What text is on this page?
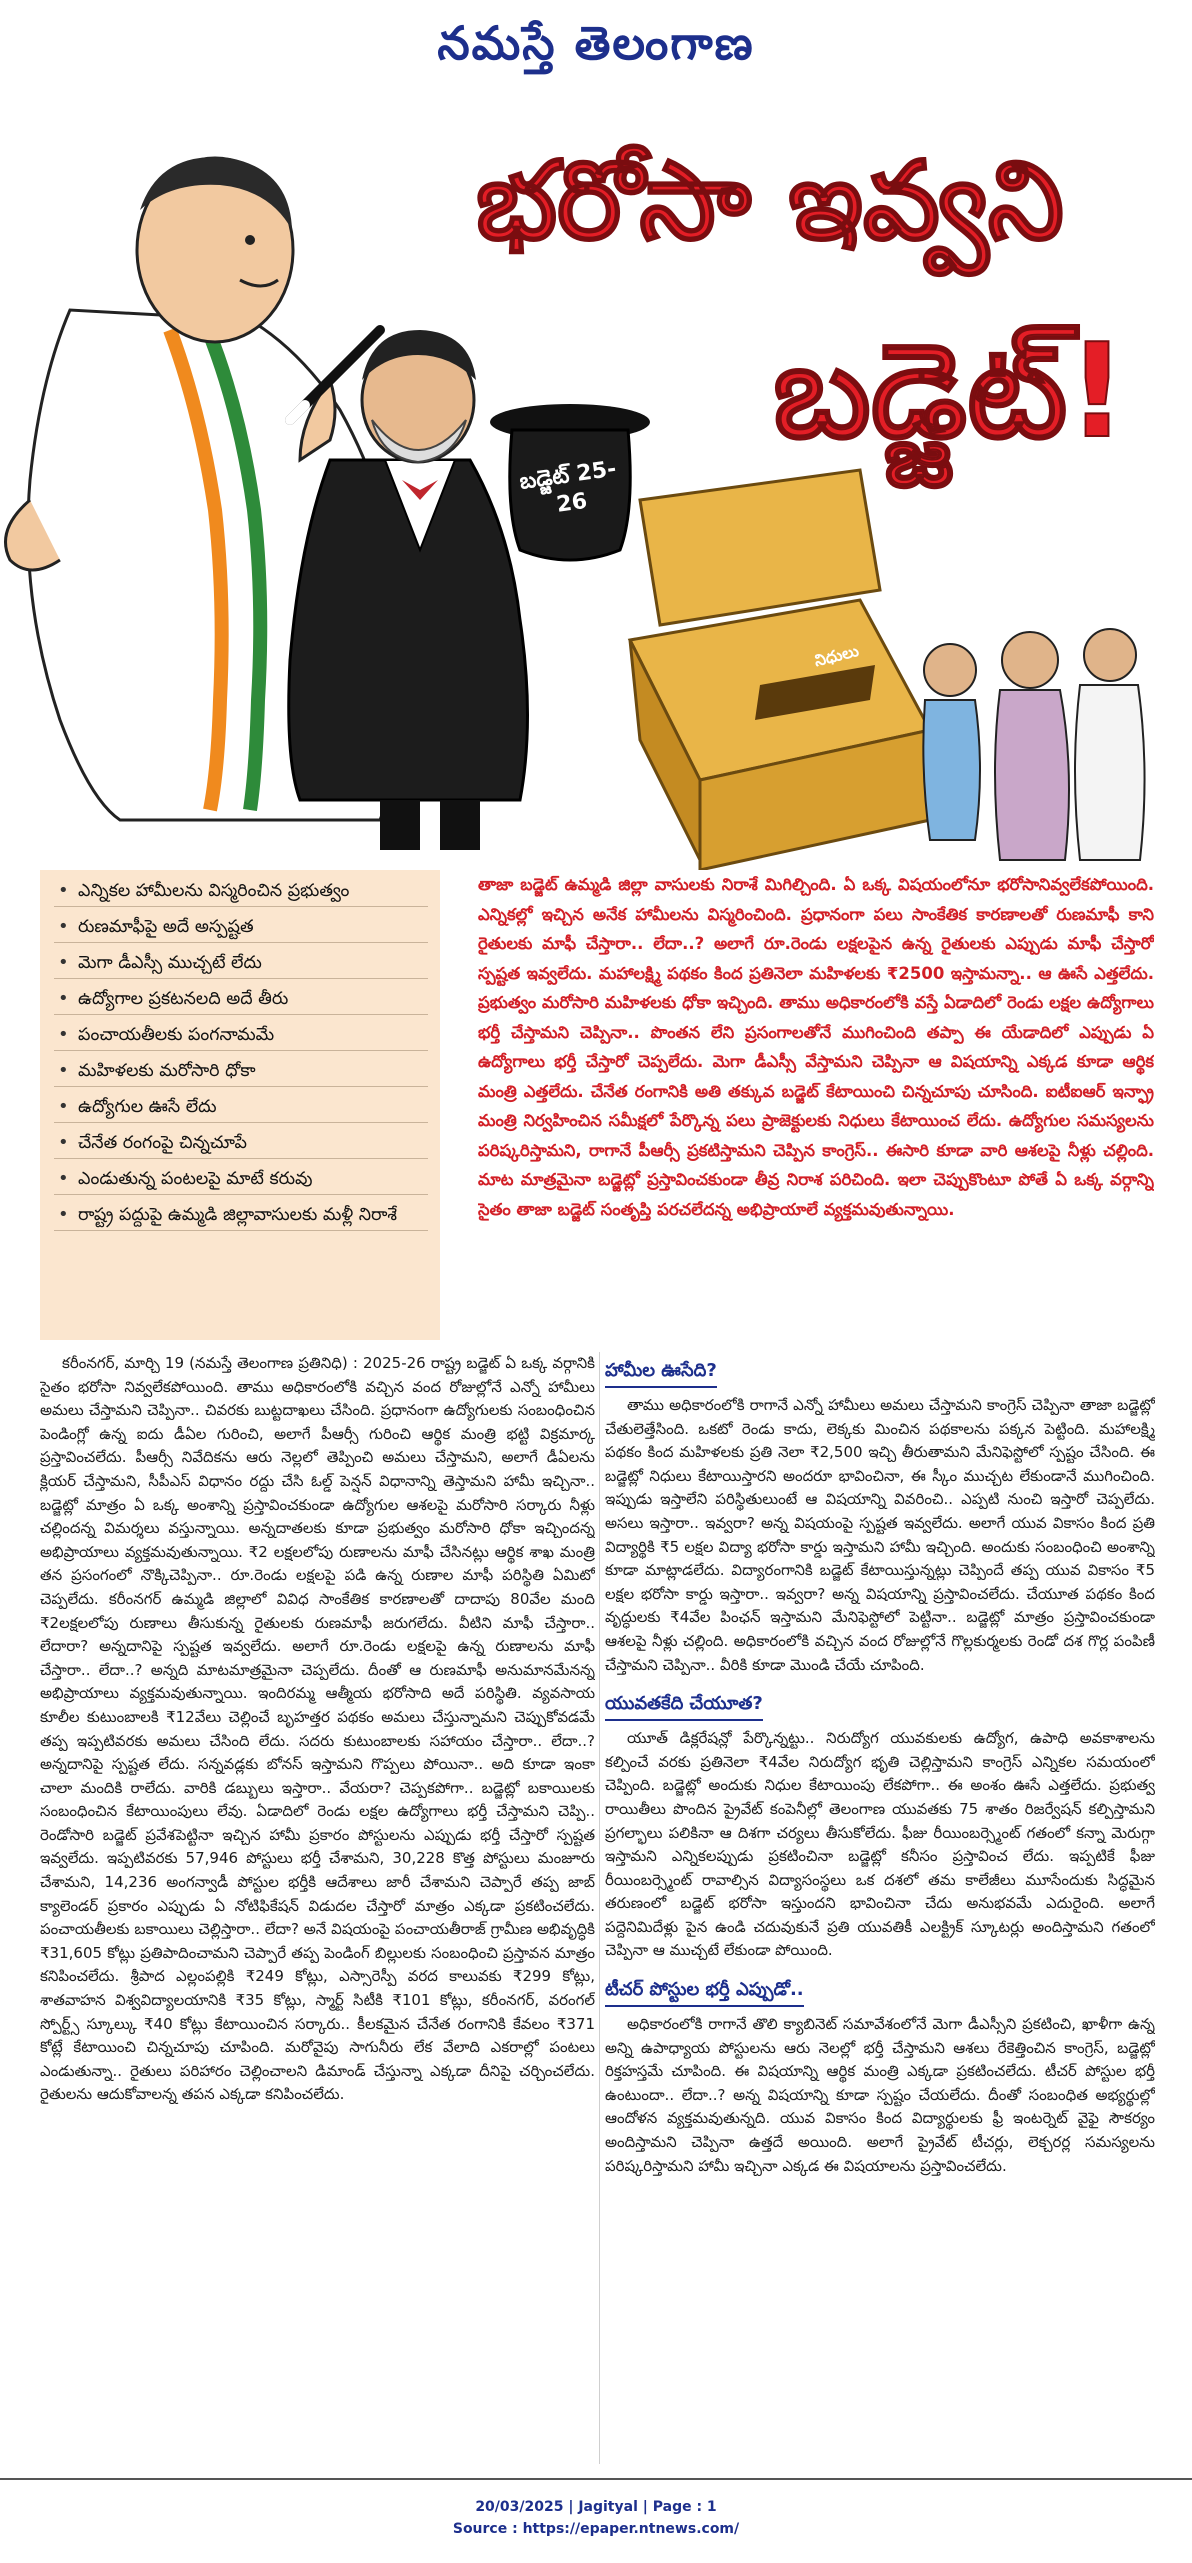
నమస్తే తెలంగాణ
భరోసా ఇవ్వని
బడ్జెట్!
బడ్జెట్ 25-26
నిధులు
• ఎన్నికల హామీలను విస్మరించిన ప్రభుత్వం
• రుణమాఫీపై అదే అస్పష్టత
• మెగా డీఎస్సీ ముచ్చటే లేదు
• ఉద్యోగాల ప్రకటనలది అదే తీరు
• పంచాయతీలకు పంగనామమే
• మహిళలకు మరోసారి ధోకా
• ఉద్యోగుల ఊసే లేదు
• చేనేత రంగంపై చిన్నచూపే
• ఎండుతున్న పంటలపై మాటే కరువు
• రాష్ట్ర పద్దుపై ఉమ్మడి జిల్లావాసులకు మళ్లీ నిరాశే
తాజా బడ్జెట్ ఉమ్మడి జిల్లా వాసులకు నిరాశే మిగిల్చింది. ఏ ఒక్క విషయంలోనూ భరోసానివ్వలేకపోయింది. ఎన్నికల్లో ఇచ్చిన అనేక హామీలను విస్మరించింది. ప్రధానంగా పలు సాంకేతిక కారణాలతో రుణమాఫీ కాని రైతులకు మాఫీ చేస్తారా.. లేదా..? అలాగే రూ.రెండు లక్షలపైన ఉన్న రైతులకు ఎప్పుడు మాఫీ చేస్తారో స్పష్టత ఇవ్వలేదు. మహాలక్ష్మి పథకం కింద ప్రతినెలా మహిళలకు ₹2500 ఇస్తామన్నా.. ఆ ఊసే ఎత్తలేదు. ప్రభుత్వం మరోసారి మహిళలకు ధోకా ఇచ్చింది. తాము అధికారంలోకి వస్తే ఏడాదిలో రెండు లక్షల ఉద్యోగాలు భర్తీ చేస్తామని చెప్పినా.. పొంతన లేని ప్రసంగాలతోనే ముగించింది తప్పా ఈ యేడాదిలో ఎప్పుడు ఏ ఉద్యోగాలు భర్తీ చేస్తారో చెప్పలేదు. మెగా డీఎస్సీ వేస్తామని చెప్పినా ఆ విషయాన్ని ఎక్కడ కూడా ఆర్థిక మంత్రి ఎత్తలేదు. చేనేత రంగానికి అతి తక్కువ బడ్జెట్ కేటాయించి చిన్నచూపు చూసింది. ఐటీఐఆర్ ఇన్ఫ్రా మంత్రి నిర్వహించిన సమీక్షలో పేర్కొన్న పలు ప్రాజెక్టులకు నిధులు కేటాయించ లేదు. ఉద్యోగుల సమస్యలను పరిష్కరిస్తామని, రాగానే పీఆర్సీ ప్రకటిస్తామని చెప్పిన కాంగ్రెస్.. ఈసారి కూడా వారి ఆశలపై నీళ్లు చల్లింది. మాట మాత్రమైనా బడ్జెట్లో ప్రస్తావించకుండా తీవ్ర నిరాశ పరిచింది. ఇలా చెప్పుకొంటూ పోతే ఏ ఒక్క వర్గాన్ని సైతం తాజా బడ్జెట్ సంతృప్తి పరచలేదన్న అభిప్రాయాలే వ్యక్తమవుతున్నాయి.

కరీంనగర్, మార్చి 19 (నమస్తే తెలంగాణ ప్రతినిధి) : 2025-26 రాష్ట్ర బడ్జెట్ ఏ ఒక్క వర్గానికి సైతం భరోసా నివ్వలేకపోయింది. తాము అధికారంలోకి వచ్చిన వంద రోజుల్లోనే ఎన్నో హామీలు అమలు చేస్తామని చెప్పినా.. చివరకు బుట్టదాఖలు చేసింది. ప్రధానంగా ఉద్యోగులకు సంబంధించిన పెండింగ్లో ఉన్న ఐదు డీఏల గురించి, అలాగే పీఆర్సీ గురించి ఆర్థిక మంత్రి భట్టి విక్రమార్క ప్రస్తావించలేదు. పీఆర్సీ నివేదికను ఆరు నెల్లలో తెప్పించి అమలు చేస్తామని, అలాగే డీఏలను క్లియర్ చేస్తామని, సీపీఎస్ విధానం రద్దు చేసి ఓల్డ్ పెన్షన్ విధానాన్ని తెస్తామని హామీ ఇచ్చినా.. బడ్జెట్లో మాత్రం ఏ ఒక్క అంశాన్ని ప్రస్తావించకుండా ఉద్యోగుల ఆశలపై మరోసారి సర్కారు నీళ్లు చల్లిందన్న విమర్శలు వస్తున్నాయి. అన్నదాతలకు కూడా ప్రభుత్వం మరోసారి ధోకా ఇచ్చిందన్న అభిప్రాయాలు వ్యక్తమవుతున్నాయి. ₹2 లక్షలలోపు రుణాలను మాఫీ చేసినట్లు ఆర్థిక శాఖ మంత్రి తన ప్రసంగంలో నొక్కిచెప్పినా.. రూ.రెండు లక్షలపై పడి ఉన్న రుణాల మాఫీ పరిస్థితి ఏమిటో చెప్పలేదు. కరీంనగర్ ఉమ్మడి జిల్లాలో వివిధ సాంకేతిక కారణాలతో దాదాపు 80వేల మంది ₹2లక్షలలోపు రుణాలు తీసుకున్న రైతులకు రుణమాఫీ జరుగలేదు. వీటిని మాఫీ చేస్తారా.. లేదారా? అన్నదానిపై స్పష్టత ఇవ్వలేదు. అలాగే రూ.రెండు లక్షలపై ఉన్న రుణాలను మాఫీ చేస్తారా.. లేదా..? అన్నది మాటమాత్రమైనా చెప్పలేదు. దీంతో ఆ రుణమాఫీ అనుమానమేనన్న అభిప్రాయాలు వ్యక్తమవుతున్నాయి. ఇందిరమ్మ ఆత్మీయ భరోసాది అదే పరిస్థితి. వ్యవసాయ కూలీల కుటుంబాలకి ₹12వేలు చెల్లించే బృహత్తర పథకం అమలు చేస్తున్నామని చెప్పుకోవడమే తప్ప ఇప్పటివరకు అమలు చేసింది లేదు. సదరు కుటుంబాలకు సహాయం చేస్తారా.. లేదా..? అన్నదానిపై స్పష్టత లేదు. సన్నవడ్లకు బోనస్ ఇస్తామని గొప్పలు పోయినా.. అది కూడా ఇంకా చాలా మందికి రాలేదు. వారికి డబ్బులు ఇస్తారా.. వేయరా? చెప్పకపోగా.. బడ్జెట్లో బకాయిలకు సంబంధించిన కేటాయింపులు లేవు. ఏడాదిలో రెండు లక్షల ఉద్యోగాలు భర్తీ చేస్తామని చెప్పి.. రెండోసారి బడ్జెట్ ప్రవేశపెట్టినా ఇచ్చిన హామీ ప్రకారం పోస్టులను ఎప్పుడు భర్తీ చేస్తారో స్పష్టత ఇవ్వలేదు. ఇప్పటివరకు 57,946 పోస్టులు భర్తీ చేశామని, 30,228 కొత్త పోస్టులు మంజూరు చేశామని, 14,236 అంగన్వాడీ పోస్టుల భర్తీకి ఆదేశాలు జారీ చేశామని చెప్పారే తప్ప జాబ్ క్యాలెండర్ ప్రకారం ఎప్పుడు ఏ నోటిఫికేషన్ విడుదల చేస్తారో మాత్రం ఎక్కడా ప్రకటించలేదు. పంచాయతీలకు బకాయిలు చెల్లిస్తారా.. లేదా? అనే విషయంపై పంచాయతీరాజ్ గ్రామీణ అభివృద్ధికి ₹31,605 కోట్లు ప్రతిపాదించామని చెప్పారే తప్ప పెండింగ్ బిల్లులకు సంబంధించి ప్రస్తావన మాత్రం కనిపించలేదు. శ్రీపాద ఎల్లంపల్లికి ₹249 కోట్లు, ఎస్సారెస్పీ వరద కాలువకు ₹299 కోట్లు, శాతవాహన విశ్వవిద్యాలయానికి ₹35 కోట్లు, స్మార్ట్ సిటీకి ₹101 కోట్లు, కరీంనగర్, వరంగల్ స్పోర్ట్స్ స్కూల్కు ₹40 కోట్లు కేటాయించిన సర్కారు.. కీలకమైన చేనేత రంగానికి కేవలం ₹371 కోట్లే కేటాయించి చిన్నచూపు చూపింది. మరోవైపు సాగునీరు లేక వేలాది ఎకరాల్లో పంటలు ఎండుతున్నా.. రైతులు పరిహారం చెల్లించాలని డిమాండ్ చేస్తున్నా ఎక్కడా దీనిపై చర్చించలేదు. రైతులను ఆదుకోవాలన్న తపన ఎక్కడా కనిపించలేదు.

హామీల ఊసేది?

తాము అధికారంలోకి రాగానే ఎన్నో హామీలు అమలు చేస్తామని కాంగ్రెస్ చెప్పినా తాజా బడ్జెట్లో చేతులెత్తేసింది. ఒకటో రెండు కాదు, లెక్కకు మించిన పథకాలను పక్కన పెట్టింది. మహాలక్ష్మి పథకం కింద మహిళలకు ప్రతి నెలా ₹2,500 ఇచ్చి తీరుతామని మేనిఫెస్టోలో స్పష్టం చేసింది. ఈ బడ్జెట్లో నిధులు కేటాయిస్తారని అందరూ భావించినా, ఈ స్కీం ముచ్చట లేకుండానే ముగించింది. ఇప్పుడు ఇస్తాలేని పరిస్థితులుంటే ఆ విషయాన్ని వివరించి.. ఎప్పటి నుంచి ఇస్తారో చెప్పలేదు. అసలు ఇస్తారా.. ఇవ్వరా? అన్న విషయంపై స్పష్టత ఇవ్వలేదు. అలాగే యువ వికాసం కింద ప్రతి విద్యార్థికి ₹5 లక్షల విద్యా భరోసా కార్డు ఇస్తామని హామీ ఇచ్చింది. అందుకు సంబంధించి అంశాన్ని కూడా మాట్లాడలేదు. విద్యారంగానికి బడ్జెట్ కేటాయిస్తున్నట్లు చెప్పిందే తప్ప యువ వికాసం ₹5 లక్షల భరోసా కార్డు ఇస్తారా.. ఇవ్వరా? అన్న విషయాన్ని ప్రస్తావించలేదు. చేయూత పథకం కింద వృద్ధులకు ₹4వేల పింఛన్ ఇస్తామని మేనిఫెస్టోలో పెట్టినా.. బడ్జెట్లో మాత్రం ప్రస్తావించకుండా ఆశలపై నీళ్లు చల్లింది. అధికారంలోకి వచ్చిన వంద రోజుల్లోనే గొల్లకుర్మలకు రెండో దశ గొర్ల పంపిణీ చేస్తామని చెప్పినా.. వీరికి కూడా మొండి చేయే చూపింది.

యువతకేది చేయూత?

యూత్ డిక్లరేషన్లో పేర్కొన్నట్టు.. నిరుద్యోగ యువకులకు ఉద్యోగ, ఉపాధి అవకాశాలను కల్పించే వరకు ప్రతినెలా ₹4వేల నిరుద్యోగ భృతి చెల్లిస్తామని కాంగ్రెస్ ఎన్నికల సమయంలో చెప్పింది. బడ్జెట్లో అందుకు నిధుల కేటాయింపు లేకపోగా.. ఈ అంశం ఊసే ఎత్తలేదు. ప్రభుత్వ రాయితీలు పొందిన ప్రైవేట్ కంపెనీల్లో తెలంగాణ యువతకు 75 శాతం రిజర్వేషన్ కల్పిస్తామని ప్రగల్భాలు పలికినా ఆ దిశగా చర్యలు తీసుకోలేదు. ఫీజు రీయింబర్స్మెంట్ గతంలో కన్నా మెరుగ్గా ఇస్తామని ఎన్నికలప్పుడు ప్రకటించినా బడ్జెట్లో కనీసం ప్రస్తావించ లేదు. ఇప్పటికే ఫీజు రీయింబర్స్మెంట్ రావాల్సిన విద్యాసంస్థలు ఒక దశలో తమ కాలేజీలు మూసేందుకు సిద్ధమైన తరుణంలో బడ్జెట్ భరోసా ఇస్తుందని భావించినా చేదు అనుభవమే ఎదురైంది. అలాగే పద్దెనిమిదేళ్లు పైన ఉండి చదువుకునే ప్రతి యువతికీ ఎలక్ట్రిక్ స్కూటర్లు అందిస్తామని గతంలో చెప్పినా ఆ ముచ్చటే లేకుండా పోయింది.

టీచర్ పోస్టుల భర్తీ ఎప్పుడో..

అధికారంలోకి రాగానే తొలి క్యాబినెట్ సమావేశంలోనే మెగా డీఎస్సీని ప్రకటించి, ఖాళీగా ఉన్న అన్ని ఉపాధ్యాయ పోస్టులను ఆరు నెలల్లో భర్తీ చేస్తామని ఆశలు రేకెత్తించిన కాంగ్రెస్, బడ్జెట్లో రిక్తహస్తమే చూపింది. ఈ విషయాన్ని ఆర్థిక మంత్రి ఎక్కడా ప్రకటించలేదు. టీచర్ పోస్టుల భర్తీ ఉంటుందా.. లేదా..? అన్న విషయాన్ని కూడా స్పష్టం చేయలేదు. దీంతో సంబంధిత అభ్యర్థుల్లో ఆందోళన వ్యక్తమవుతున్నది. యువ వికాసం కింద విద్యార్థులకు ఫ్రీ ఇంటర్నెట్ వైఫై సౌకర్యం అందిస్తామని చెప్పినా ఉత్తదే అయింది. అలాగే ప్రైవేట్ టీచర్లు, లెక్చరర్ల సమస్యలను పరిష్కరిస్తామని హామీ ఇచ్చినా ఎక్కడ ఈ విషయాలను ప్రస్తావించలేదు.

20/03/2025 | Jagityal | Page : 1
Source : https://epaper.ntnews.com/
